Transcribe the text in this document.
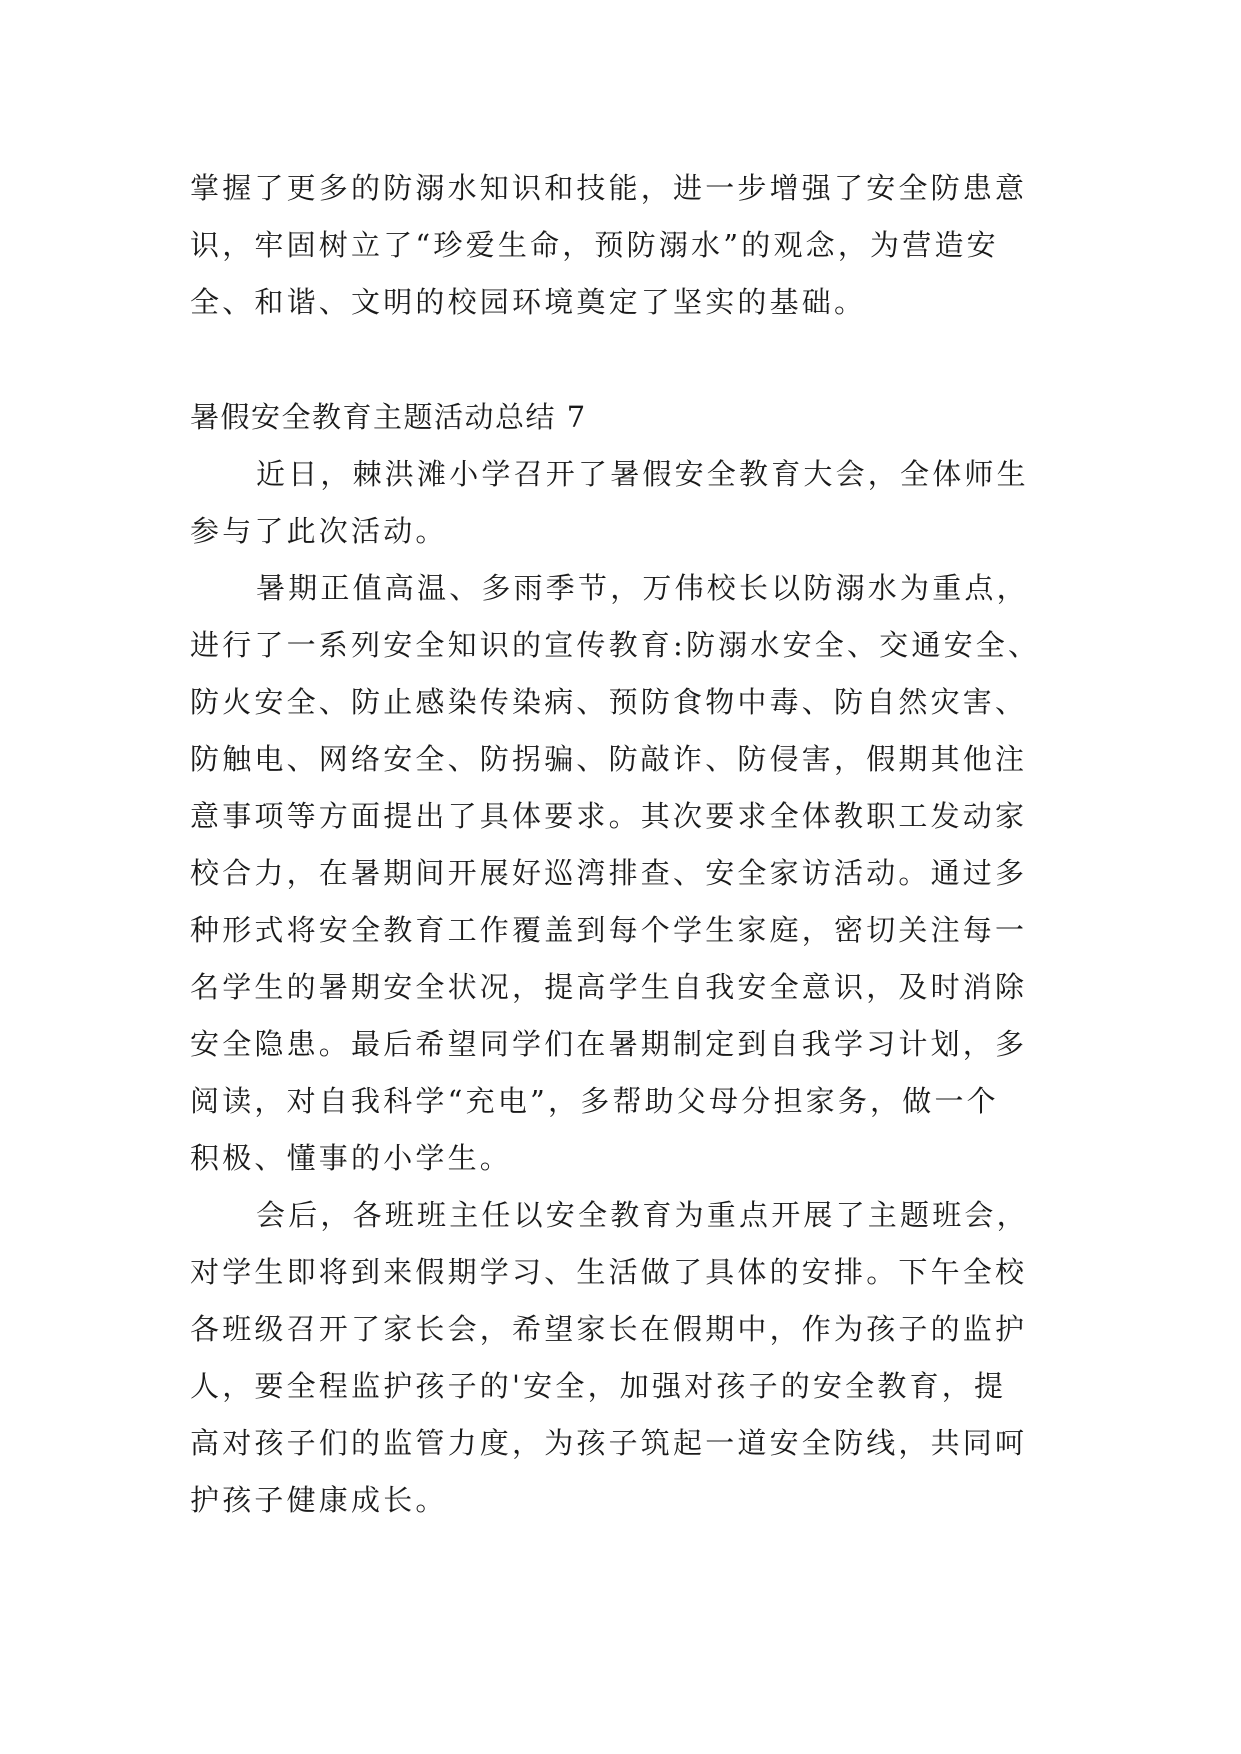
掌握了更多的防溺水知识和技能，进一步增强了安全防患意

识，牢固树立了“珍爱生命，预防溺水”的观念，为营造安

全、和谐、文明的校园环境奠定了坚实的基础。

暑假安全教育主题活动总结 7

近日，棘洪滩小学召开了暑假安全教育大会，全体师生

参与了此次活动。

暑期正值高温、多雨季节，万伟校长以防溺水为重点，

进行了一系列安全知识的宣传教育:防溺水安全、交通安全、

防火安全、防止感染传染病、预防食物中毒、防自然灾害、

防触电、网络安全、防拐骗、防敲诈、防侵害，假期其他注

意事项等方面提出了具体要求。其次要求全体教职工发动家

校合力，在暑期间开展好巡湾排查、安全家访活动。通过多

种形式将安全教育工作覆盖到每个学生家庭，密切关注每一

名学生的暑期安全状况，提高学生自我安全意识，及时消除

安全隐患。最后希望同学们在暑期制定到自我学习计划，多

阅读，对自我科学“充电”，多帮助父母分担家务，做一个

积极、懂事的小学生。

会后，各班班主任以安全教育为重点开展了主题班会，

对学生即将到来假期学习、生活做了具体的安排。下午全校

各班级召开了家长会，希望家长在假期中，作为孩子的监护

人，要全程监护孩子的'安全，加强对孩子的安全教育，提

高对孩子们的监管力度，为孩子筑起一道安全防线，共同呵

护孩子健康成长。
